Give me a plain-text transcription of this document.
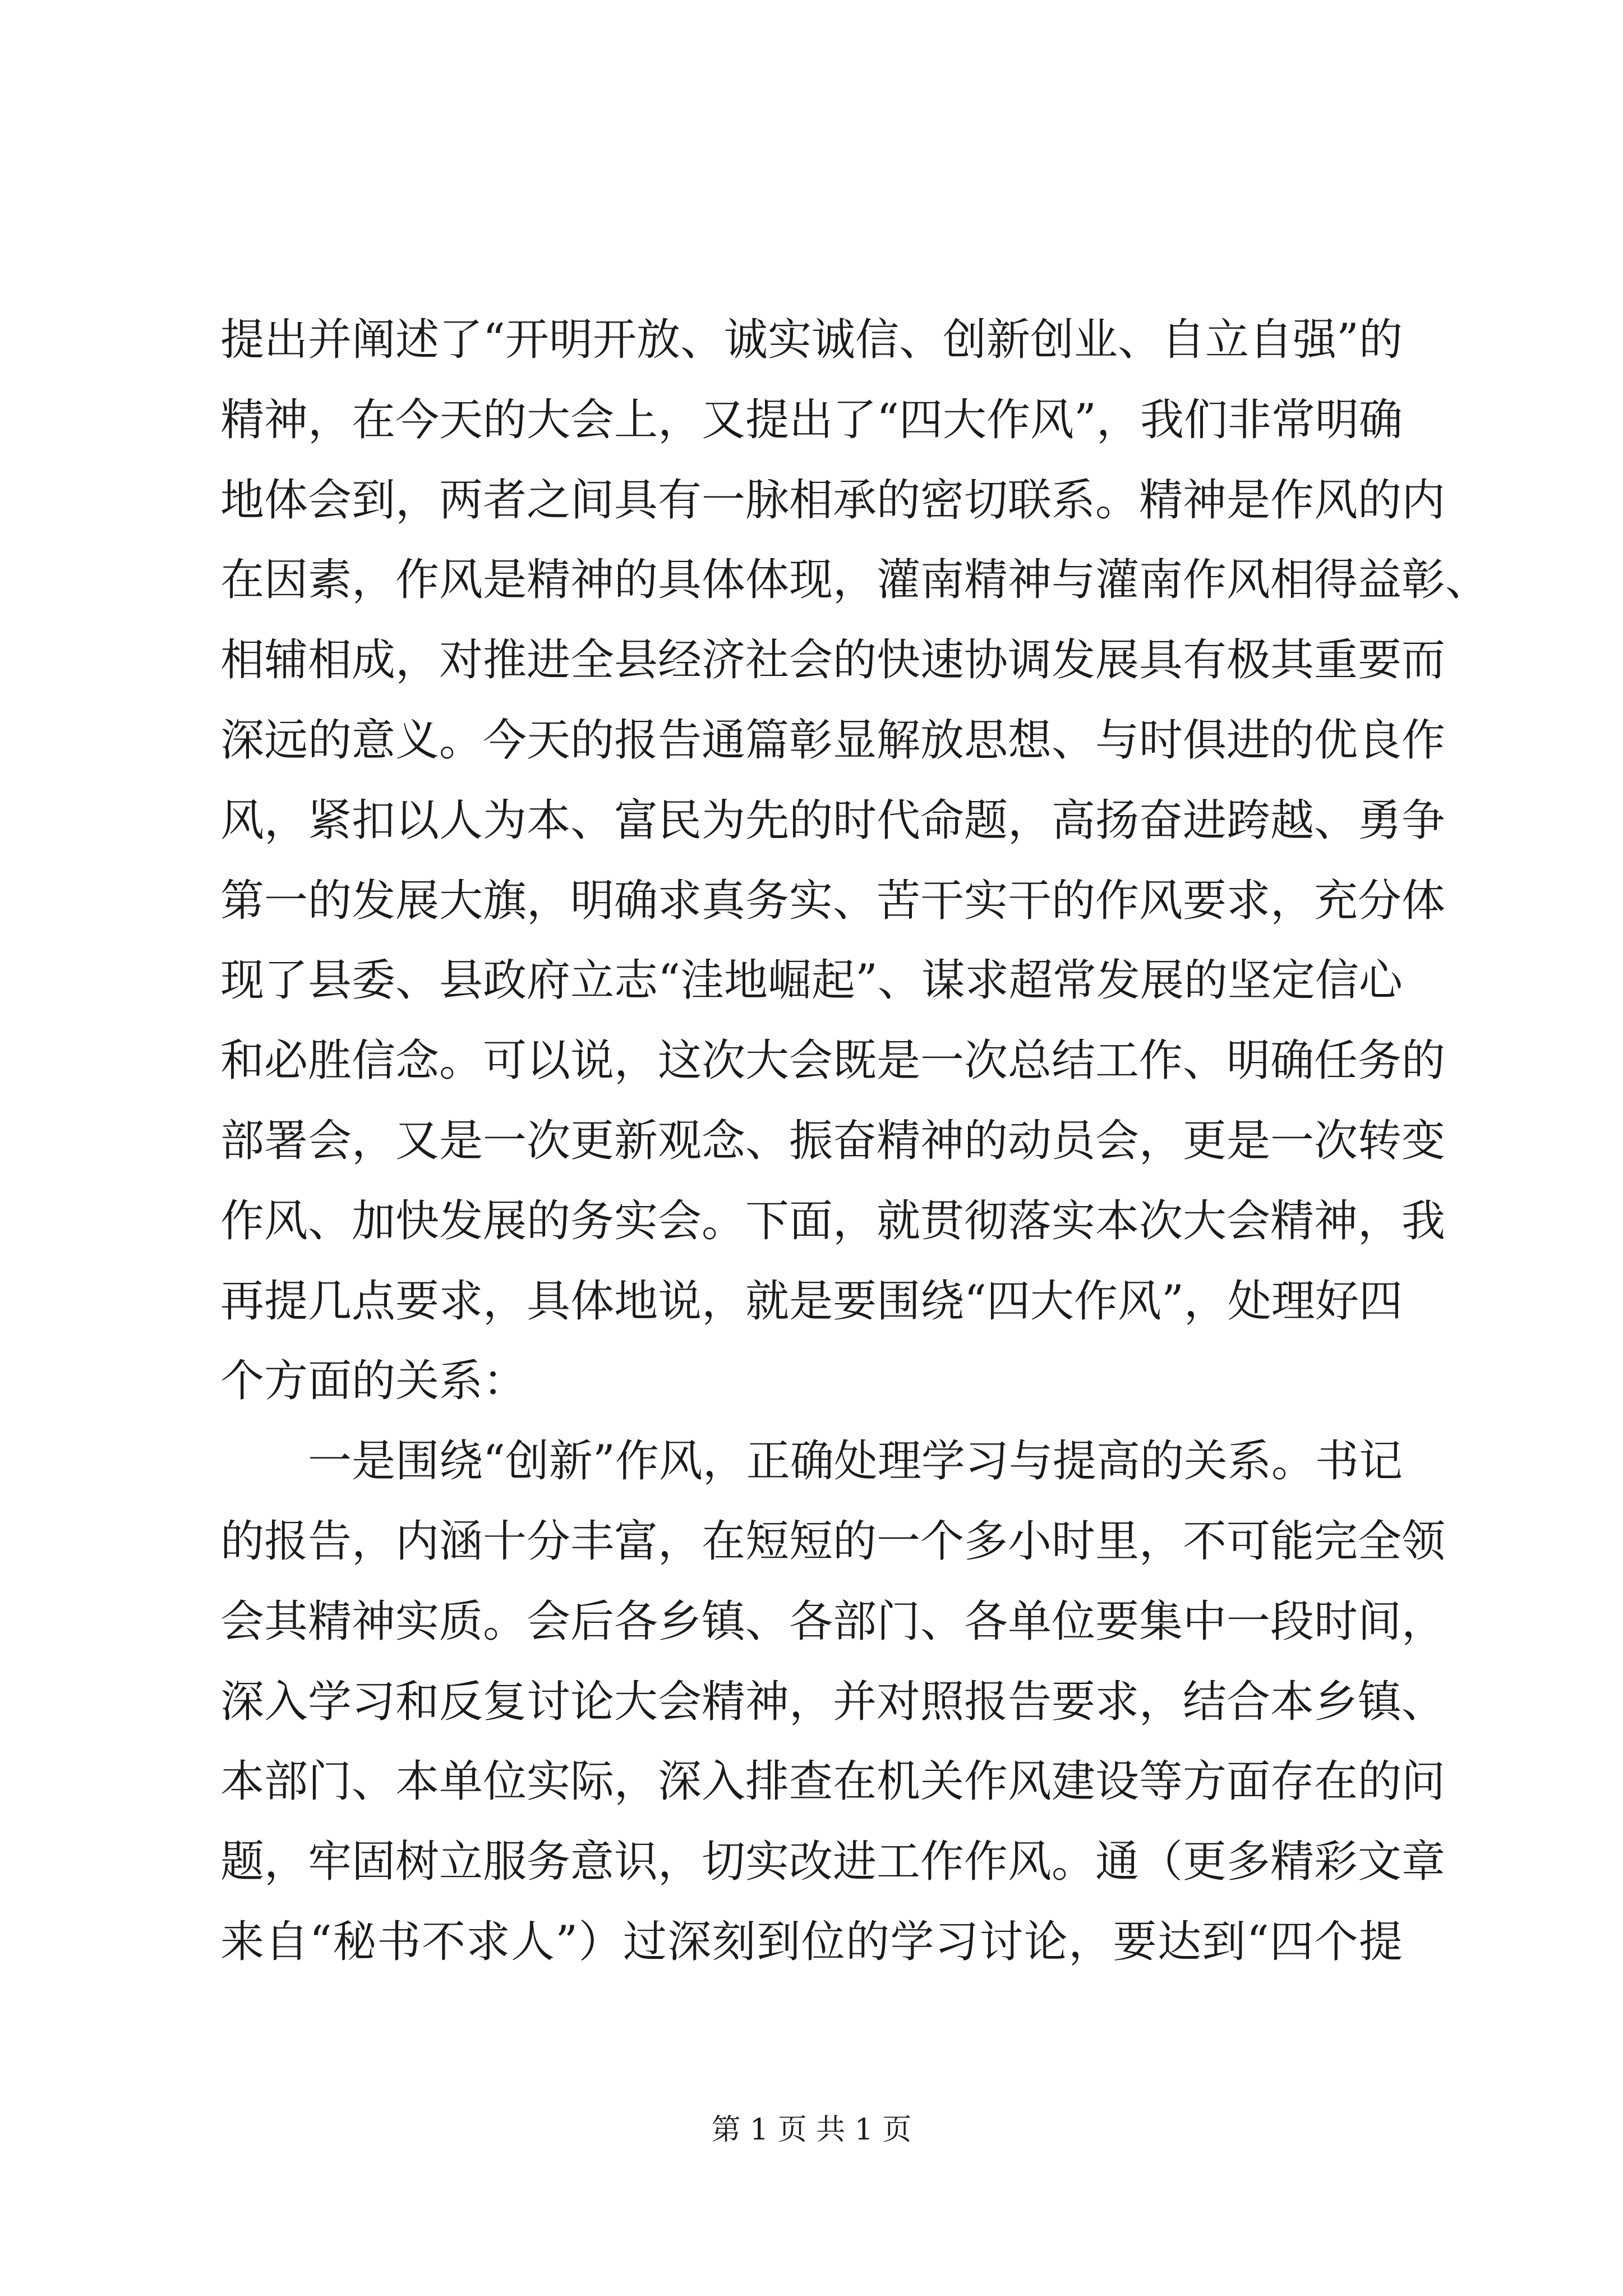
提出并阐述了“开明开放、诚实诚信、创新创业、自立自强”的
精神，在今天的大会上，又提出了“四大作风”，我们非常明确
地体会到，两者之间具有一脉相承的密切联系。精神是作风的内
在因素，作风是精神的具体体现，灌南精神与灌南作风相得益彰、
相辅相成，对推进全县经济社会的快速协调发展具有极其重要而
深远的意义。今天的报告通篇彰显解放思想、与时俱进的优良作
风，紧扣以人为本、富民为先的时代命题，高扬奋进跨越、勇争
第一的发展大旗，明确求真务实、苦干实干的作风要求，充分体
现了县委、县政府立志“洼地崛起”、谋求超常发展的坚定信心
和必胜信念。可以说，这次大会既是一次总结工作、明确任务的
部署会，又是一次更新观念、振奋精神的动员会，更是一次转变
作风、加快发展的务实会。下面，就贯彻落实本次大会精神，我
再提几点要求，具体地说，就是要围绕“四大作风”，处理好四
个方面的关系：
一是围绕“创新”作风，正确处理学习与提高的关系。书记
的报告，内涵十分丰富，在短短的一个多小时里，不可能完全领
会其精神实质。会后各乡镇、各部门、各单位要集中一段时间，
深入学习和反复讨论大会精神，并对照报告要求，结合本乡镇、
本部门、本单位实际，深入排查在机关作风建设等方面存在的问
题，牢固树立服务意识，切实改进工作作风。通（更多精彩文章
来自“秘书不求人”）过深刻到位的学习讨论，要达到“四个提
第 1 页 共 1 页
